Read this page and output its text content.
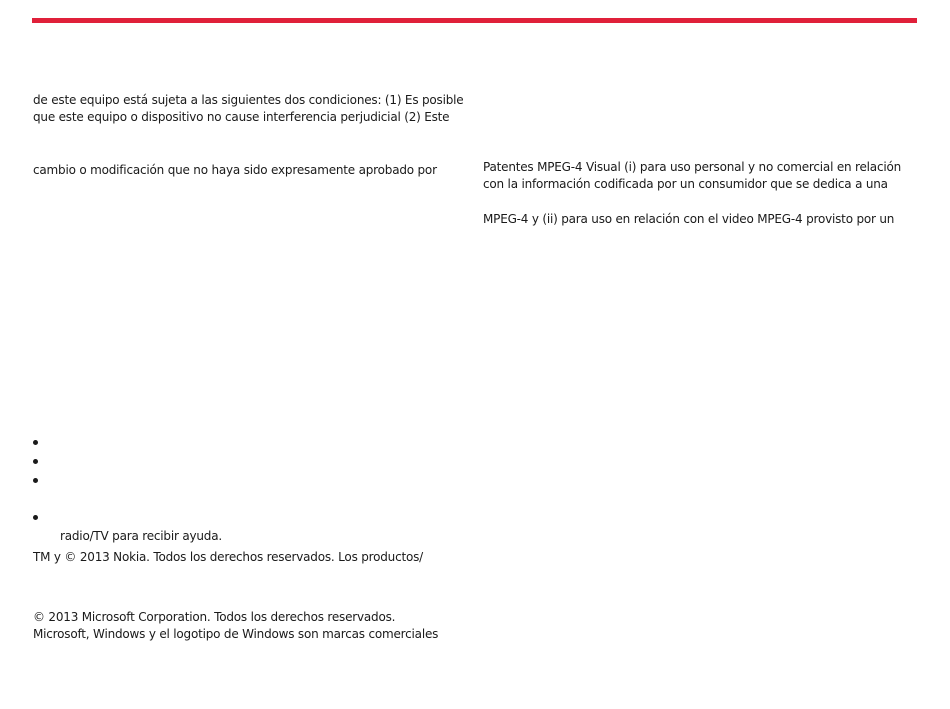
de este equipo está sujeta a las siguientes dos condiciones: (1) Es posible
que este equipo o dispositivo no cause interferencia perjudicial (2) Este
cambio o modificación que no haya sido expresamente aprobado por
radio/TV para recibir ayuda.
TM y © 2013 Nokia. Todos los derechos reservados. Los productos/
© 2013 Microsoft Corporation. Todos los derechos reservados.
Microsoft, Windows y el logotipo de Windows son marcas comerciales
Patentes MPEG-4 Visual (i) para uso personal y no comercial en relación
con la información codificada por un consumidor que se dedica a una
MPEG-4 y (ii) para uso en relación con el video MPEG-4 provisto por un
